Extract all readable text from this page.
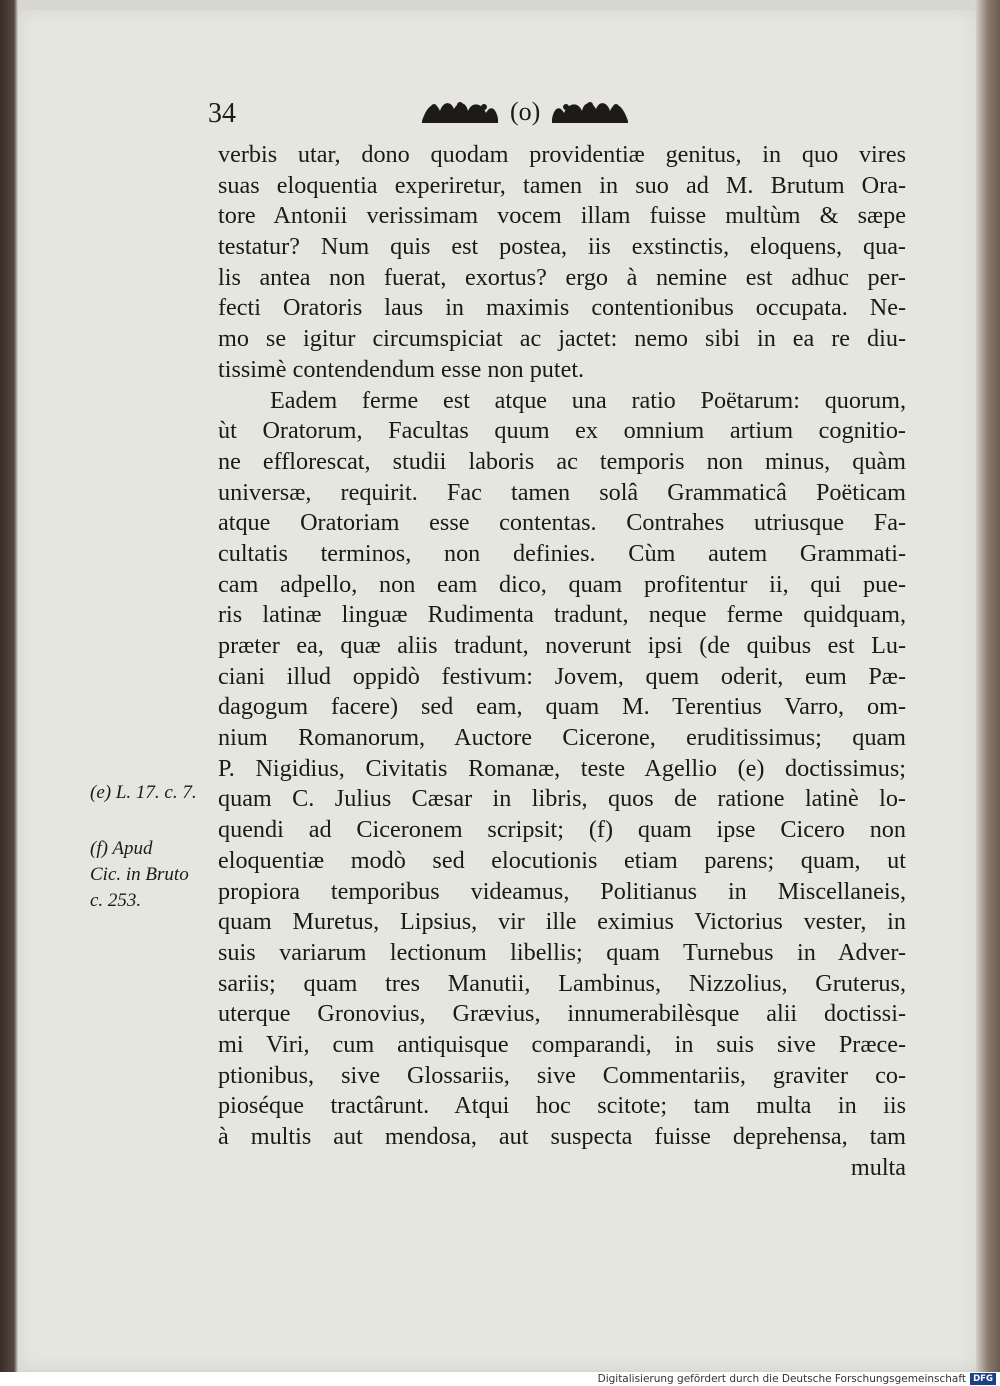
34	(o)
verbis utar, dono quodam providentiæ genitus, in quo vires
suas eloquentia experiretur, tamen in suo ad M. Brutum Ora-
tore Antonii verissimam vocem illam fuisse multùm & sæpe
testatur? Num quis est postea, iis exstinctis, eloquens, qua-
lis antea non fuerat, exortus? ergo à nemine est adhuc per-
fecti Oratoris laus in maximis contentionibus occupata. Ne-
mo se igitur circumspiciat ac jactet: nemo sibi in ea re diu-
tissimè contendendum esse non putet.
Eadem ferme est atque una ratio Poëtarum: quorum,
ùt Oratorum, Facultas quum ex omnium artium cognitio-
ne efflorescat, studii laboris ac temporis non minus, quàm
universæ, requirit. Fac tamen solâ Grammaticâ Poëticam
atque Oratoriam esse contentas. Contrahes utriusque Fa-
cultatis terminos, non definies. Cùm autem Grammati-
cam adpello, non eam dico, quam profitentur ii, qui pue-
ris latinæ linguæ Rudimenta tradunt, neque ferme quidquam,
præter ea, quæ aliis tradunt, noverunt ipsi (de quibus est Lu-
ciani illud oppidò festivum: Jovem, quem oderit, eum Pæ-
dagogum facere) sed eam, quam M. Terentius Varro, om-
nium Romanorum, Auctore Cicerone, eruditissimus; quam
P. Nigidius, Civitatis Romanæ, teste Agellio (e) doctissimus;
quam C. Julius Cæsar in libris, quos de ratione latinè lo-
quendi ad Ciceronem scripsit; (f) quam ipse Cicero non
eloquentiæ modò sed elocutionis etiam parens; quam, ut
propiora temporibus videamus, Politianus in Miscellaneis,
quam Muretus, Lipsius, vir ille eximius Victorius vester, in
suis variarum lectionum libellis; quam Turnebus in Adver-
sariis; quam tres Manutii, Lambinus, Nizzolius, Gruterus,
uterque Gronovius, Grævius, innumerabilèsque alii doctissi-
mi Viri, cum antiquisque comparandi, in suis sive Præce-
ptionibus, sive Glossariis, sive Commentariis, graviter co-
pioséque tractârunt. Atqui hoc scitote; tam multa in iis
à multis aut mendosa, aut suspecta fuisse deprehensa, tam
multa
(e) L. 17. c. 7.
(f) Apud
Cic. in Bruto
c. 253.
Digitalisierung gefördert durch die Deutsche Forschungsgemeinschaft DFG
